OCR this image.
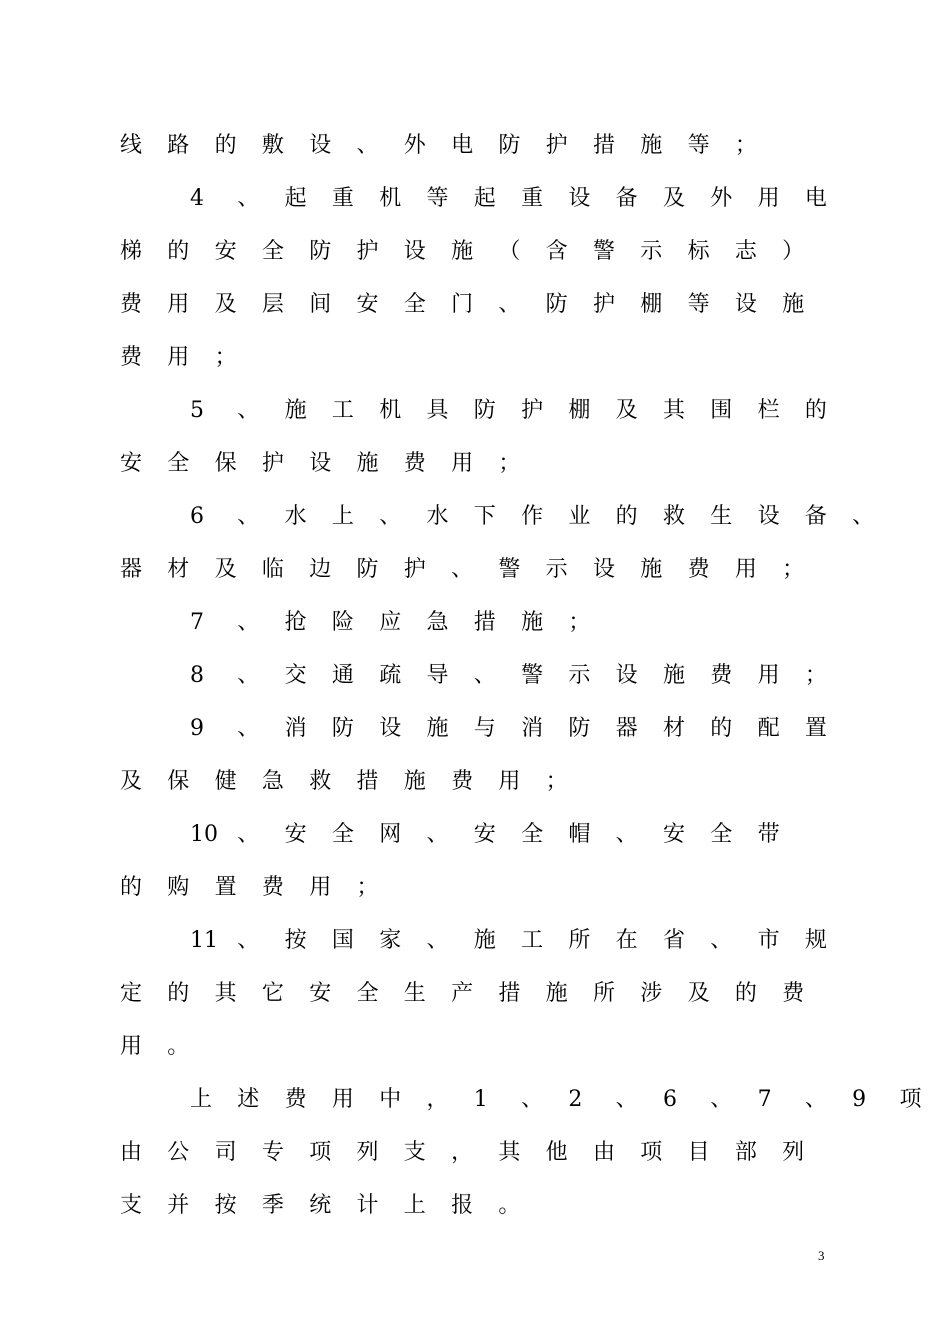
线 路 的 敷 设 、 外 电 防 护 措 施 等 ；
4 、 起 重 机 等 起 重 设 备 及 外 用 电
梯 的 安 全 防 护 设 施 （ 含 警 示 标 志 ）
费 用 及 层 间 安 全 门 、 防 护 棚 等 设 施
费 用 ；
5 、 施 工 机 具 防 护 棚 及 其 围 栏 的
安 全 保 护 设 施 费 用 ；
6 、 水 上 、 水 下 作 业 的 救 生 设 备 、
器 材 及 临 边 防 护 、 警 示 设 施 费 用 ；
7 、 抢 险 应 急 措 施 ；
8 、 交 通 疏 导 、 警 示 设 施 费 用 ；
9 、 消 防 设 施 与 消 防 器 材 的 配 置
及 保 健 急 救 措 施 费 用 ；
10 、 安 全 网 、 安 全 帽 、 安 全 带
的 购 置 费 用 ；
11 、 按 国 家 、 施 工 所 在 省 、 市 规
定 的 其 它 安 全 生 产 措 施 所 涉 及 的 费
用 。
上 述 费 用 中 ， 1 、 2 、 6 、 7 、 9 项
由 公 司 专 项 列 支 ， 其 他 由 项 目 部 列
支 并 按 季 统 计 上 报 。
3
